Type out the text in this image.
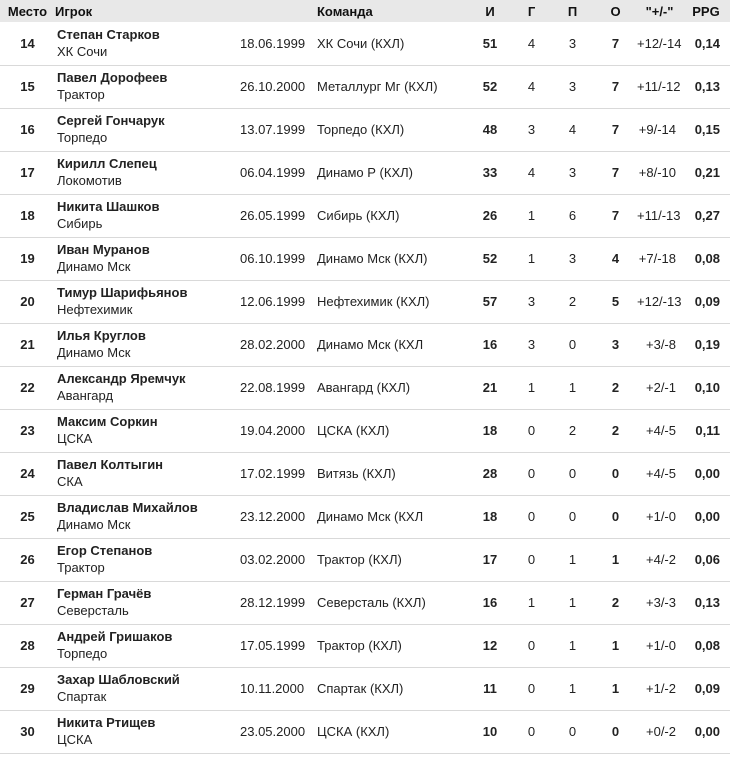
Место	Игрок		Команда	И	Г	П	О	"+/-"	PPG
14	Степан Старков
ХК Сочи	18.06.1999	ХК Сочи (КХЛ)	51	4	3	7	+12/-14	0,14
15	Павел Дорофеев
Трактор	26.10.2000	Металлург Мг (КХЛ)	52	4	3	7	+11/-12	0,13
16	Сергей Гончарук
Торпедо	13.07.1999	Торпедо (КХЛ)	48	3	4	7	+9/-14	0,15
17	Кирилл Слепец
Локомотив	06.04.1999	Динамо Р (КХЛ)	33	4	3	7	+8/-10	0,21
18	Никита Шашков
Сибирь	26.05.1999	Сибирь (КХЛ)	26	1	6	7	+11/-13	0,27
19	Иван Муранов
Динамо Мск	06.10.1999	Динамо Мск (КХЛ)	52	1	3	4	+7/-18	0,08
20	Тимур Шарифьянов
Нефтехимик	12.06.1999	Нефтехимик (КХЛ)	57	3	2	5	+12/-13	0,09
21	Илья Круглов
Динамо Мск	28.02.2000	Динамо Мск (КХЛ	16	3	0	3	+3/-8	0,19
22	Александр Яремчук
Авангард	22.08.1999	Авангард (КХЛ)	21	1	1	2	+2/-1	0,10
23	Максим Соркин
ЦСКА	19.04.2000	ЦСКА (КХЛ)	18	0	2	2	+4/-5	0,11
24	Павел Колтыгин
СКА	17.02.1999	Витязь (КХЛ)	28	0	0	0	+4/-5	0,00
25	Владислав Михайлов
Динамо Мск	23.12.2000	Динамо Мск (КХЛ	18	0	0	0	+1/-0	0,00
26	Егор Степанов
Трактор	03.02.2000	Трактор (КХЛ)	17	0	1	1	+4/-2	0,06
27	Герман Грачёв
Северсталь	28.12.1999	Северсталь (КХЛ)	16	1	1	2	+3/-3	0,13
28	Андрей Гришаков
Торпедо	17.05.1999	Трактор (КХЛ)	12	0	1	1	+1/-0	0,08
29	Захар Шабловский
Спартак	10.11.2000	Спартак (КХЛ)	11	0	1	1	+1/-2	0,09
30	Никита Ртищев
ЦСКА	23.05.2000	ЦСКА (КХЛ)	10	0	0	0	+0/-2	0,00
